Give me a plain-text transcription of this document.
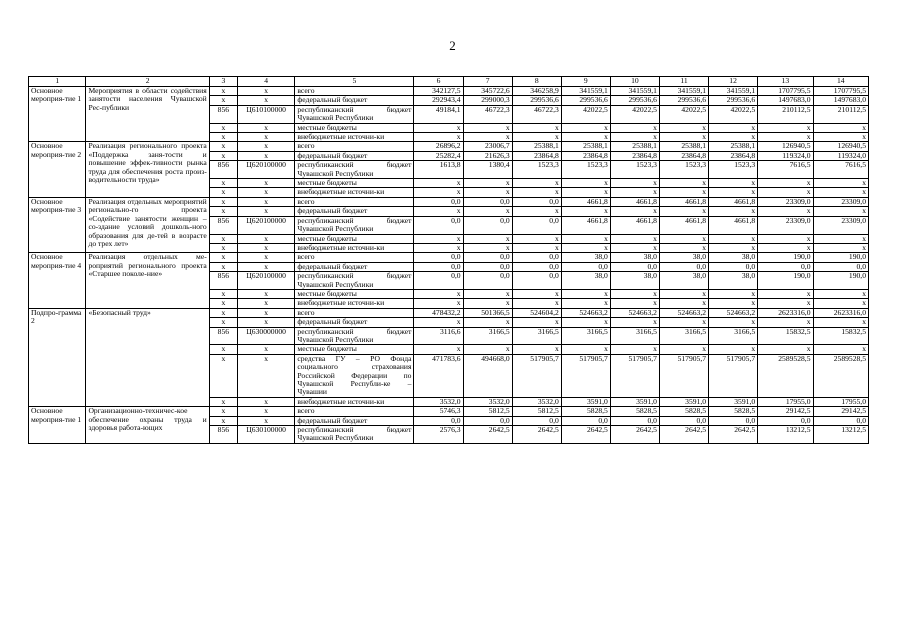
2
1	2	3	4	5	6	7	8	9	10	11	12	13	14
Основное мероприя-тие 1	Мероприятия в области содействия занятости населения Чувашской Рес-публики	x	x	всего	342127,5	345722,6	346258,9	341559,1	341559,1	341559,1	341559,1	1707795,5	1707795,5
		x	x	федеральный бюджет	292943,4	299000,3	299536,6	299536,6	299536,6	299536,6	299536,6	1497683,0	1497683,0
		856	Ц610100000	республиканский бюджет Чувашской Республики	49184,1	46722,3	46722,3	42022,5	42022,5	42022,5	42022,5	210112,5	210112,5
		x	x	местные бюджеты	x	x	x	x	x	x	x	x	x
		x	x	внебюджетные источни-ки	x	x	x	x	x	x	x	x	x
Основное мероприя-тие 2	Реализация регионального проекта «Поддержка заня-тости и повышение эффек-тивности рынка труда для обеспечения роста произ-водительности труда»	x	x	всего	26896,2	23006,7	25388,1	25388,1	25388,1	25388,1	25388,1	126940,5	126940,5
		x	x	федеральный бюджет	25282,4	21626,3	23864,8	23864,8	23864,8	23864,8	23864,8	119324,0	119324,0
		856	Ц620100000	республиканский бюджет Чувашской Республики	1613,8	1380,4	1523,3	1523,3	1523,3	1523,3	1523,3	7616,5	7616,5
		x	x	местные бюджеты	x	x	x	x	x	x	x	x	x
		x	x	внебюджетные источни-ки	x	x	x	x	x	x	x	x	x
Основное мероприя-тие 3	Реализация отдельных мероприятий регионально-го проекта «Содействие занятости женщин – со-здание условий дошколь-ного образования для де-тей в возрасте до трех лет»	x	x	всего	0,0	0,0	0,0	4661,8	4661,8	4661,8	4661,8	23309,0	23309,0
		x	x	федеральный бюджет	x	x	x	x	x	x	x	x	x
		856	Ц620100000	республиканский бюджет Чувашской Республики	0,0	0,0	0,0	4661,8	4661,8	4661,8	4661,8	23309,0	23309,0
		x	x	местные бюджеты	x	x	x	x	x	x	x	x	x
		x	x	внебюджетные источни-ки	x	x	x	x	x	x	x	x	x
Основное мероприя-тие 4	Реализация отдельных ме-роприятий регионального проекта «Старшее поколе-ние»	x	x	всего	0,0	0,0	0,0	38,0	38,0	38,0	38,0	190,0	190,0
		x	x	федеральный бюджет	0,0	0,0	0,0	0,0	0,0	0,0	0,0	0,0	0,0
		856	Ц620100000	республиканский бюджет Чувашской Республики	0,0	0,0	0,0	38,0	38,0	38,0	38,0	190,0	190,0
		x	x	местные бюджеты	x	x	x	x	x	x	x	x	x
		x	x	внебюджетные источни-ки	x	x	x	x	x	x	x	x	x
Подпро-грамма 2	«Безопасный труд»	x	x	всего	478432,2	501366,5	524604,2	524663,2	524663,2	524663,2	524663,2	2623316,0	2623316,0
		x	x	федеральный бюджет	x	x	x	x	x	x	x	x	x
		856	Ц630000000	республиканский бюджет Чувашской Республики	3116,6	3166,5	3166,5	3166,5	3166,5	3166,5	3166,5	15832,5	15832,5
		x	x	местные бюджеты	x	x	x	x	x	x	x	x	x
		x	x	средства ГУ – РО Фонда социального страхования Российской Федерации по Чувашской Республи-ке – Чувашии	471783,6	494668,0	517905,7	517905,7	517905,7	517905,7	517905,7	2589528,5	2589528,5
		x	x	внебюджетные источни-ки	3532,0	3532,0	3532,0	3591,0	3591,0	3591,0	3591,0	17955,0	17955,0
Основное мероприя-тие 1	Организационно-техничес-кое обеспечение охраны труда и здоровья работа-ющих	x	x	всего	5746,3	5812,5	5812,5	5828,5	5828,5	5828,5	5828,5	29142,5	29142,5
		x	x	федеральный бюджет	0,0	0,0	0,0	0,0	0,0	0,0	0,0	0,0	0,0
		856	Ц630100000	республиканский бюджет Чувашской Республики	2576,3	2642,5	2642,5	2642,5	2642,5	2642,5	2642,5	13212,5	13212,5
